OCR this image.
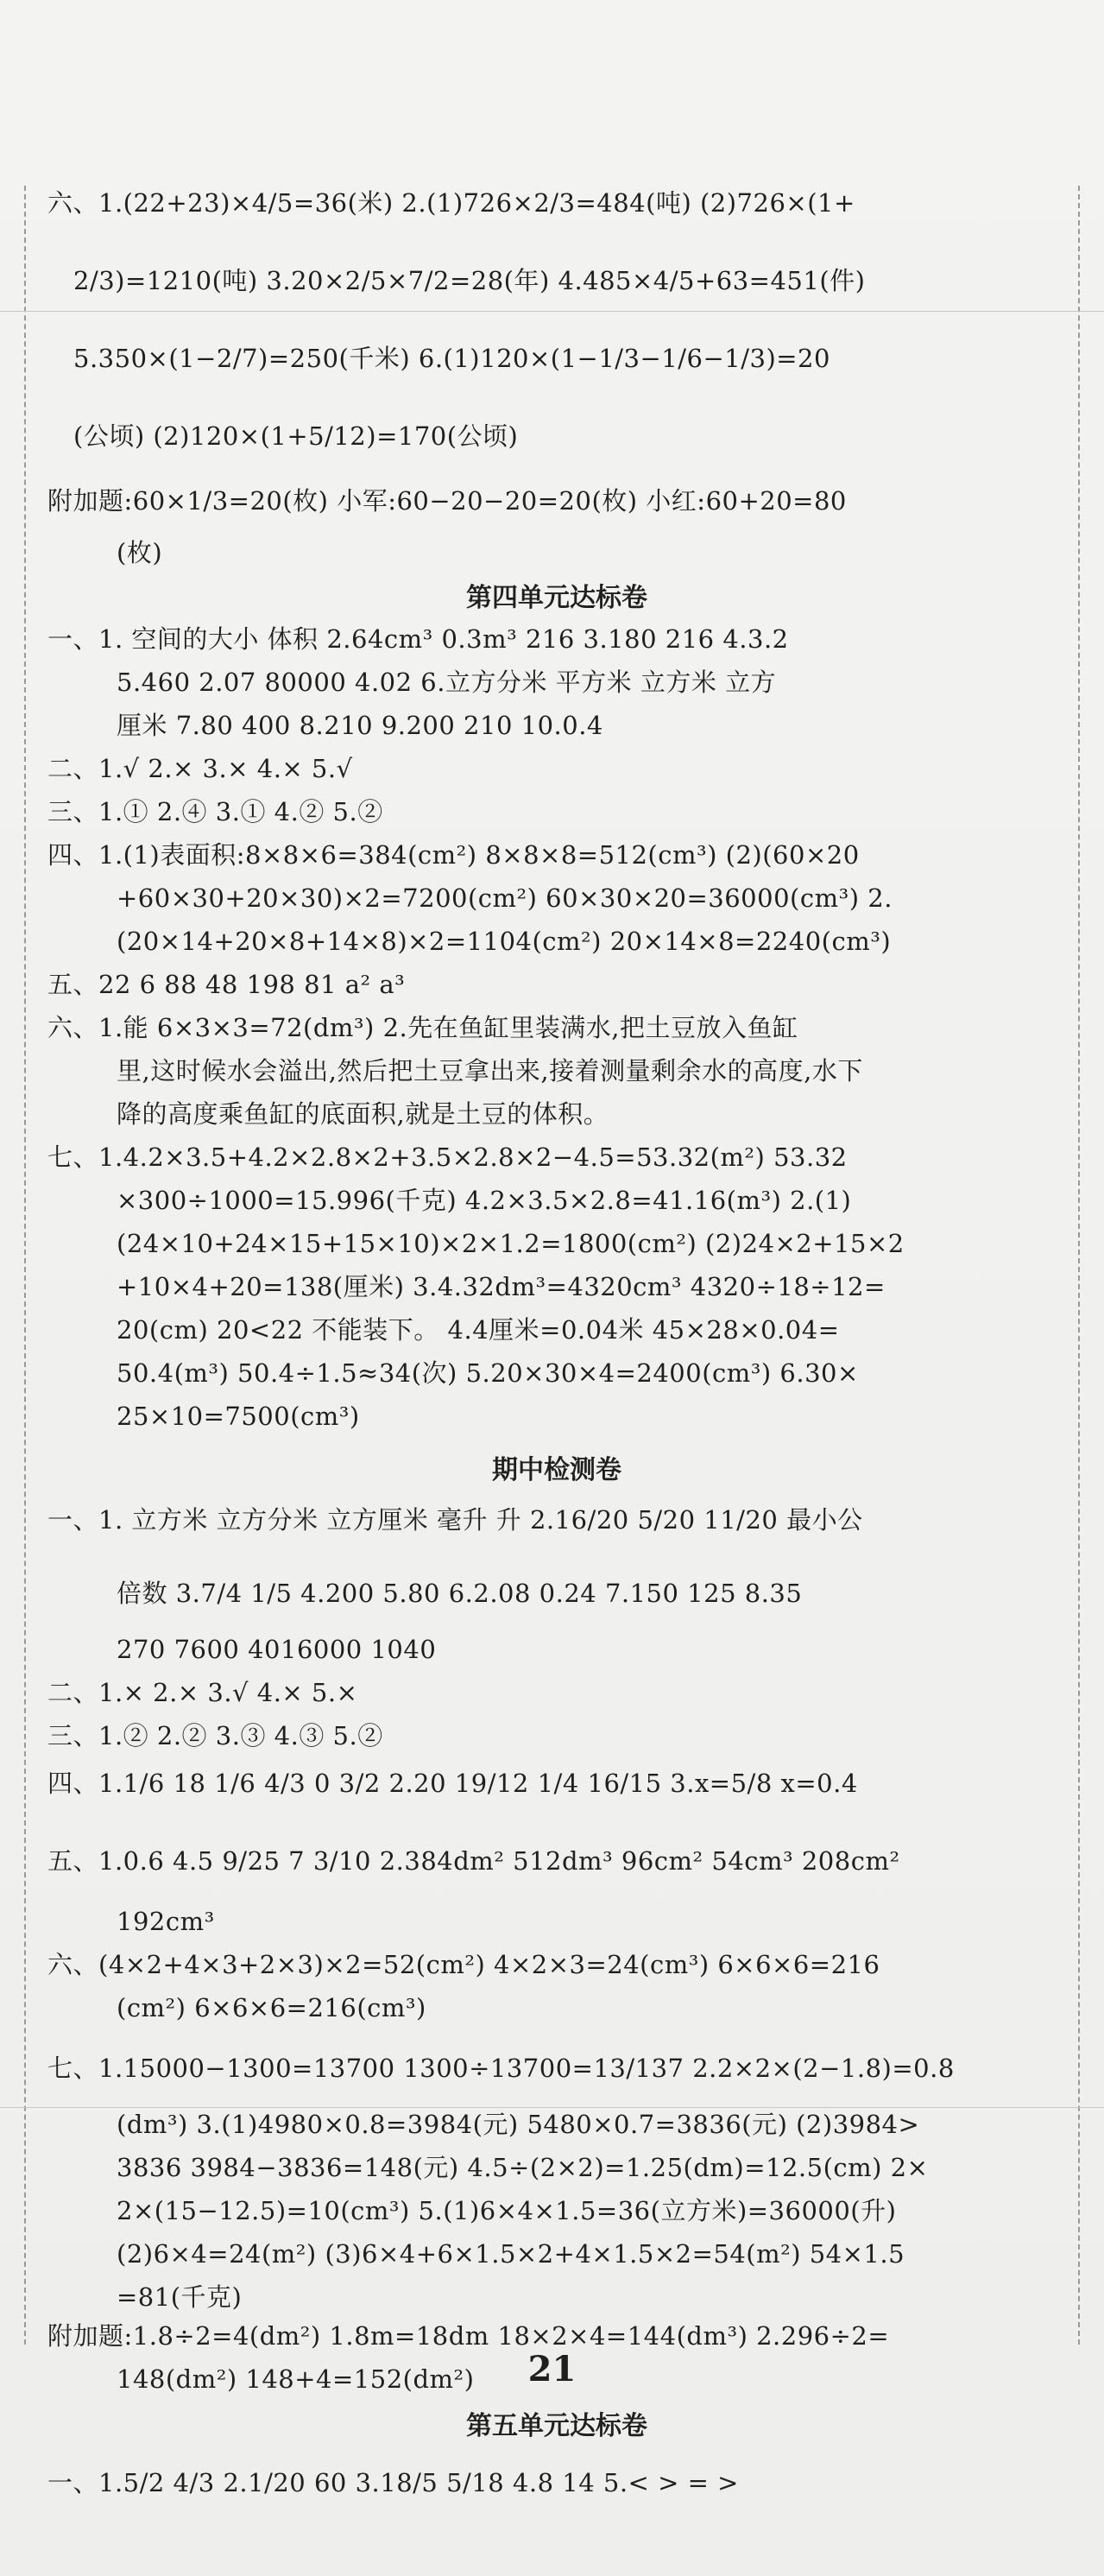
六、1.(22+23)×4/5=36(米) 2.(1)726×2/3=484(吨) (2)726×(1+
2/3)=1210(吨) 3.20×2/5×7/2=28(年) 4.485×4/5+63=451(件)
5.350×(1−2/7)=250(千米) 6.(1)120×(1−1/3−1/6−1/3)=20
(公顷) (2)120×(1+5/12)=170(公顷)
附加题:60×1/3=20(枚) 小军:60−20−20=20(枚) 小红:60+20=80
(枚)
第四单元达标卷
一、1. 空间的大小 体积 2.64cm³ 0.3m³ 216 3.180 216 4.3.2
5.460 2.07 80000 4.02 6.立方分米 平方米 立方米 立方
厘米 7.80 400 8.210 9.200 210 10.0.4
二、1.√ 2.× 3.× 4.× 5.√
三、1.① 2.④ 3.① 4.② 5.②
四、1.(1)表面积:8×8×6=384(cm²) 8×8×8=512(cm³) (2)(60×20
+60×30+20×30)×2=7200(cm²) 60×30×20=36000(cm³) 2.
(20×14+20×8+14×8)×2=1104(cm²) 20×14×8=2240(cm³)
五、22 6 88 48 198 81 a² a³
六、1.能 6×3×3=72(dm³) 2.先在鱼缸里装满水,把土豆放入鱼缸
里,这时候水会溢出,然后把土豆拿出来,接着测量剩余水的高度,水下
降的高度乘鱼缸的底面积,就是土豆的体积。
七、1.4.2×3.5+4.2×2.8×2+3.5×2.8×2−4.5=53.32(m²) 53.32
×300÷1000=15.996(千克) 4.2×3.5×2.8=41.16(m³) 2.(1)
(24×10+24×15+15×10)×2×1.2=1800(cm²) (2)24×2+15×2
+10×4+20=138(厘米) 3.4.32dm³=4320cm³ 4320÷18÷12=
20(cm) 20<22 不能装下。 4.4厘米=0.04米 45×28×0.04=
50.4(m³) 50.4÷1.5≈34(次) 5.20×30×4=2400(cm³) 6.30×
25×10=7500(cm³)
期中检测卷
一、1. 立方米 立方分米 立方厘米 毫升 升 2.16/20 5/20 11/20 最小公
倍数 3.7/4 1/5 4.200 5.80 6.2.08 0.24 7.150 125 8.35
270 7600 4016000 1040
二、1.× 2.× 3.√ 4.× 5.×
三、1.② 2.② 3.③ 4.③ 5.②
四、1.1/6 18 1/6 4/3 0 3/2 2.20 19/12 1/4 16/15 3.x=5/8 x=0.4
五、1.0.6 4.5 9/25 7 3/10 2.384dm² 512dm³ 96cm² 54cm³ 208cm²
192cm³
六、(4×2+4×3+2×3)×2=52(cm²) 4×2×3=24(cm³) 6×6×6=216
(cm²) 6×6×6=216(cm³)
七、1.15000−1300=13700 1300÷13700=13/137 2.2×2×(2−1.8)=0.8
(dm³) 3.(1)4980×0.8=3984(元) 5480×0.7=3836(元) (2)3984>
3836 3984−3836=148(元) 4.5÷(2×2)=1.25(dm)=12.5(cm) 2×
2×(15−12.5)=10(cm³) 5.(1)6×4×1.5=36(立方米)=36000(升)
(2)6×4=24(m²) (3)6×4+6×1.5×2+4×1.5×2=54(m²) 54×1.5
=81(千克)
附加题:1.8÷2=4(dm²) 1.8m=18dm 18×2×4=144(dm³) 2.296÷2=
148(dm²) 148+4=152(dm²)
第五单元达标卷
一、1.5/2 4/3 2.1/20 60 3.18/5 5/18 4.8 14 5.< > = >
21
